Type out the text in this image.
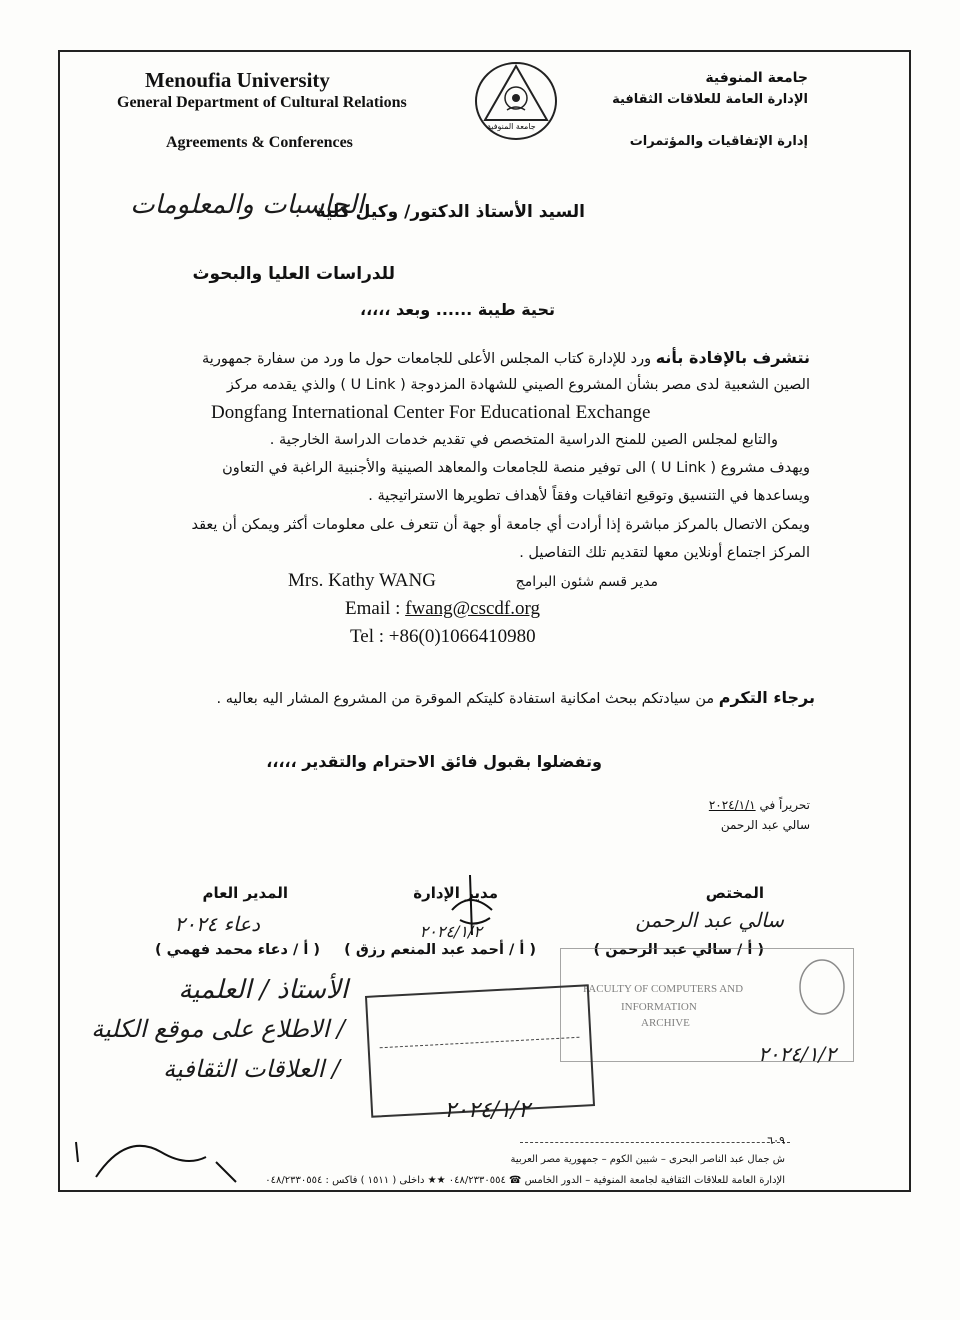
Menoufia University
General Department of Cultural Relations
Agreements & Conferences
جامعة المنوفية
جامعة المنوفية
الإدارة العامة للعلاقات الثقافية
إدارة الإتفاقيات والمؤتمرات
السيد الأستاذ الدكتور/ وكيل كلية
الحاسبات والمعلومات
للدراسات العليا والبحوث
تحية طيبة ...... وبعد ،،،،،
نتشرف بالإفادة بأنه ورد للإدارة كتاب المجلس الأعلى للجامعات حول ما ورد من سفارة جمهورية
الصين الشعبية لدى مصر بشأن المشروع الصيني للشهادة المزدوجة ( U Link ) والذي يقدمه مركز
Dongfang International Center For Educational Exchange
والتابع لمجلس الصين للمنح الدراسية المتخصص في تقديم خدمات الدراسة الخارجية .
ويهدف مشروع ( U Link ) الى توفير منصة للجامعات والمعاهد الصينية والأجنبية الراغبة في التعاون
ويساعدها في التنسيق وتوقيع اتفاقيات وفقاً لأهداف تطويرها الاستراتيجية .
ويمكن الاتصال بالمركز مباشرة إذا أرادت أي جامعة أو جهة أن تتعرف على معلومات أكثر ويمكن أن يعقد
المركز اجتماع أونلاين معها لتقديم تلك التفاصيل .
مدير قسم شئون البرامج
Mrs. Kathy WANG
Email : fwang@cscdf.org
Tel : +86(0)1066410980
برجاء التكرم من سيادتكم ببحث امكانية استفادة كليتكم الموقرة من المشروع المشار اليه بعاليه .
وتفضلوا بقبول فائق الاحترام والتقدير ،،،،،
تحريراً في ٢٠٢٤/١/١
سالي عبد الرحمن
المختص
مدير الإدارة
المدير العام
سالي عبد الرحمن
٢٠٢٤/١/٢
دعاء ٢٠٢٤
( أ / سالي عبد الرحمن )
( أ / أحمد عبد المنعم رزق )
( أ / دعاء محمد فهمي )
FACULTY OF COMPUTERS AND
INFORMATION
ARCHIVE
الأستاذ / العلمية
/ الاطلاع على موقع الكلية
/ العلاقات الثقافية
٢٠٢٤/١/٢
٢٠٢٤/١/٢
٦٠٩
ش جمال عبد الناصر البحرى – شبين الكوم – جمهورية مصر العربية
الإدارة العامة للعلاقات الثقافية لجامعة المنوفية – الدور الخامس ☎ ٠٤٨/٢٣٣٠٥٥٤ ★★ داخلى ( ١٥١١ ) فاكس : ٠٤٨/٢٣٣٠٥٥٤
